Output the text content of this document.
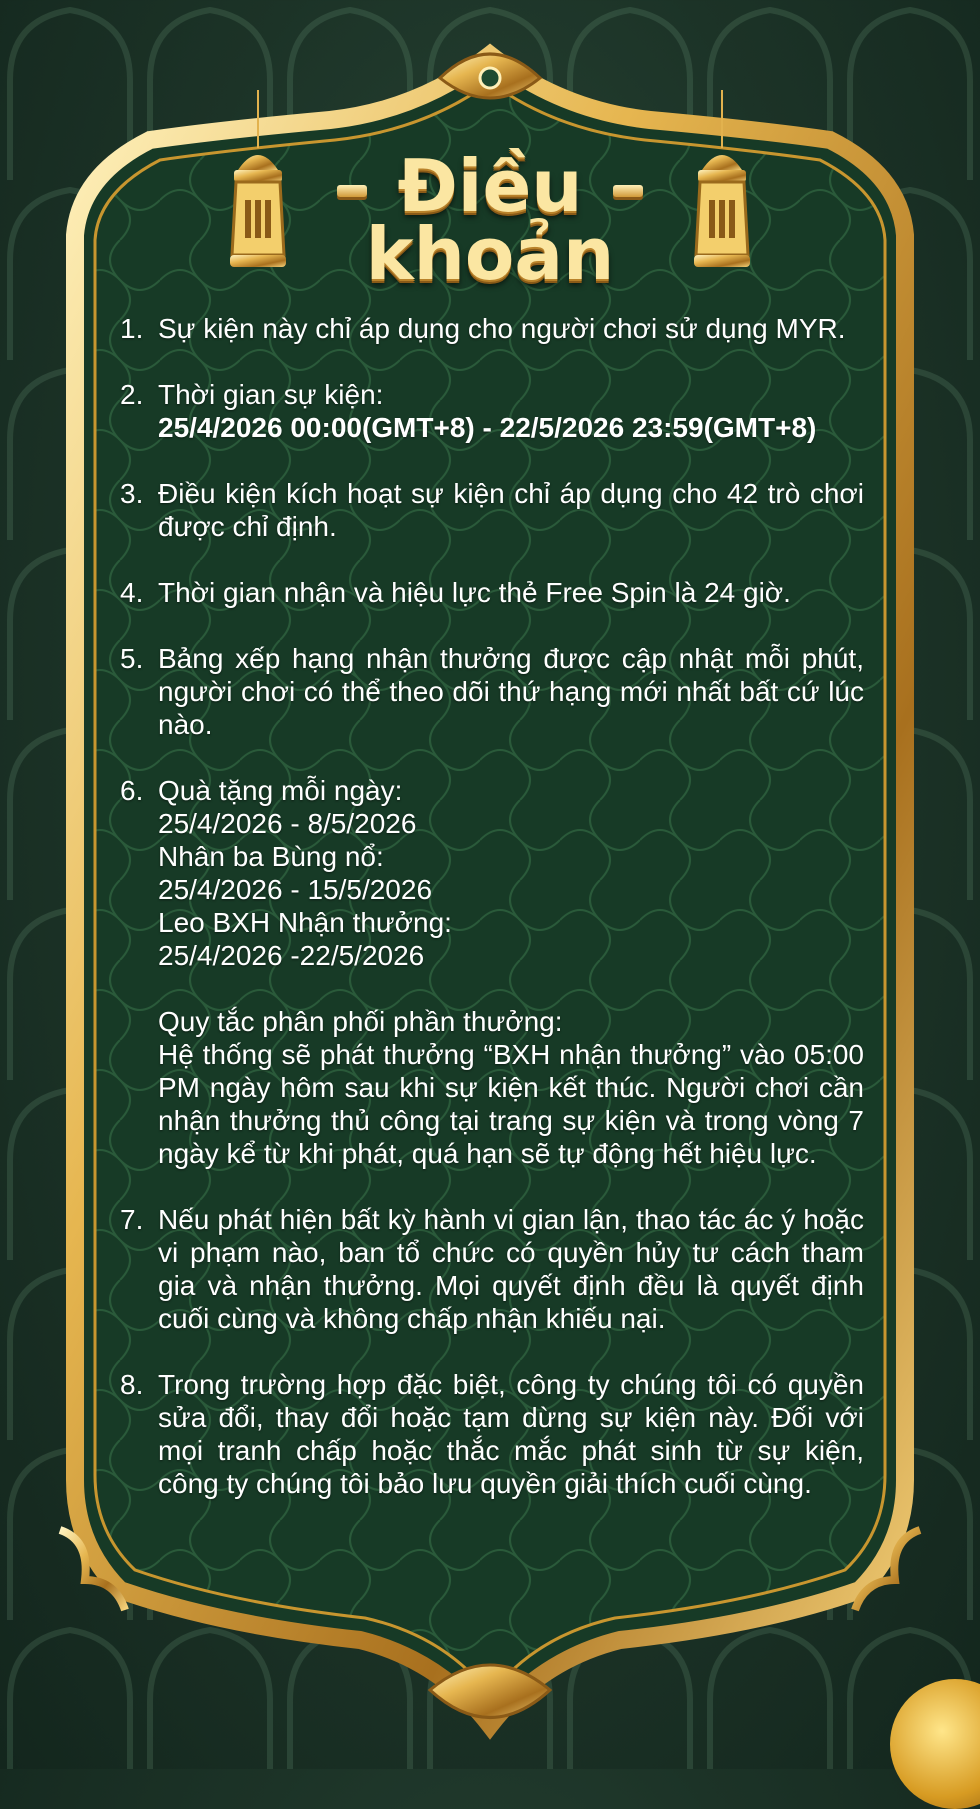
Điều
khoản
1. Sự kiện này chỉ áp dụng cho người chơi sử dụng MYR.
2. Thời gian sự kiện:
25/4/2026 00:00(GMT+8) - 22/5/2026 23:59(GMT+8)
3. Điều kiện kích hoạt sự kiện chỉ áp dụng cho 42 trò chơi được chỉ định.
4. Thời gian nhận và hiệu lực thẻ Free Spin là 24 giờ.
5. Bảng xếp hạng nhận thưởng được cập nhật mỗi phút, người chơi có thể theo dõi thứ hạng mới nhất bất cứ lúc nào.
6. Quà tặng mỗi ngày:
25/4/2026 - 8/5/2026
Nhân ba Bùng nổ:
25/4/2026 - 15/5/2026
Leo BXH Nhận thưởng:
25/4/2026 -22/5/2026
Quy tắc phân phối phần thưởng:
Hệ thống sẽ phát thưởng “BXH nhận thưởng” vào 05:00 PM ngày hôm sau khi sự kiện kết thúc. Người chơi cần nhận thưởng thủ công tại trang sự kiện và trong vòng 7 ngày kể từ khi phát, quá hạn sẽ tự động hết hiệu lực.
7. Nếu phát hiện bất kỳ hành vi gian lận, thao tác ác ý hoặc vi phạm nào, ban tổ chức có quyền hủy tư cách tham gia và nhận thưởng. Mọi quyết định đều là quyết định cuối cùng và không chấp nhận khiếu nại.
8. Trong trường hợp đặc biệt, công ty chúng tôi có quyền sửa đổi, thay đổi hoặc tạm dừng sự kiện này. Đối với mọi tranh chấp hoặc thắc mắc phát sinh từ sự kiện, công ty chúng tôi bảo lưu quyền giải thích cuối cùng.
